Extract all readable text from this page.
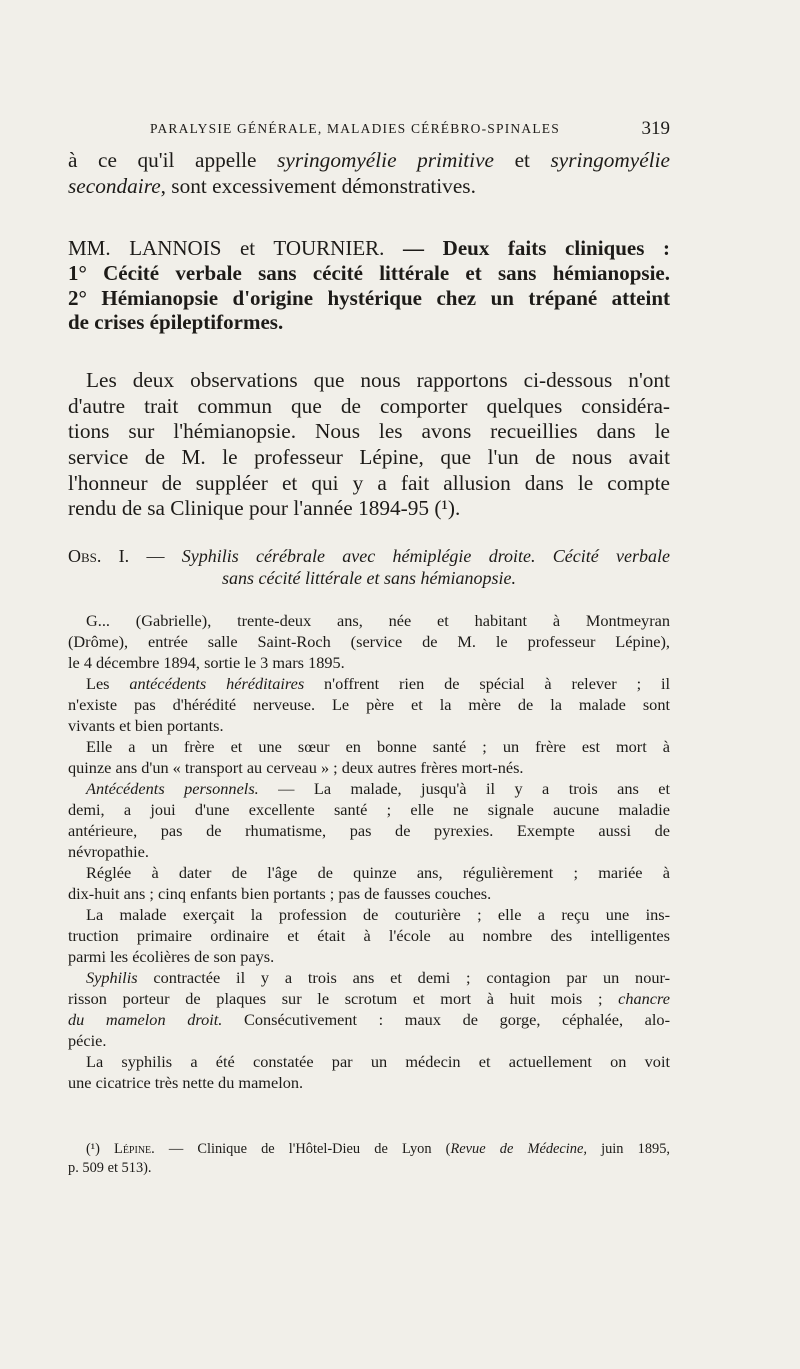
PARALYSIE GÉNÉRALE, MALADIES CÉRÉBRO-SPINALES	319
à ce qu'il appelle syringomyélie primitive et syringomyélie
secondaire, sont excessivement démonstratives.
MM. LANNOIS et TOURNIER. — Deux faits cliniques :
1° Cécité verbale sans cécité littérale et sans hémianopsie.
2° Hémianopsie d'origine hystérique chez un trépané atteint
de crises épileptiformes.
Les deux observations que nous rapportons ci-dessous n'ont
d'autre trait commun que de comporter quelques considéra-
tions sur l'hémianopsie. Nous les avons recueillies dans le
service de M. le professeur Lépine, que l'un de nous avait
l'honneur de suppléer et qui y a fait allusion dans le compte
rendu de sa Clinique pour l'année 1894-95 (¹).
Obs. I. — Syphilis cérébrale avec hémiplégie droite. Cécité verbale
sans cécité littérale et sans hémianopsie.
G... (Gabrielle), trente-deux ans, née et habitant à Montmeyran
(Drôme), entrée salle Saint-Roch (service de M. le professeur Lépine),
le 4 décembre 1894, sortie le 3 mars 1895.
Les antécédents héréditaires n'offrent rien de spécial à relever ; il
n'existe pas d'hérédité nerveuse. Le père et la mère de la malade sont
vivants et bien portants.
Elle a un frère et une sœur en bonne santé ; un frère est mort à
quinze ans d'un « transport au cerveau » ; deux autres frères mort-nés.
Antécédents personnels. — La malade, jusqu'à il y a trois ans et
demi, a joui d'une excellente santé ; elle ne signale aucune maladie
antérieure, pas de rhumatisme, pas de pyrexies. Exempte aussi de
névropathie.
Réglée à dater de l'âge de quinze ans, régulièrement ; mariée à
dix-huit ans ; cinq enfants bien portants ; pas de fausses couches.
La malade exerçait la profession de couturière ; elle a reçu une ins-
truction primaire ordinaire et était à l'école au nombre des intelligentes
parmi les écolières de son pays.
Syphilis contractée il y a trois ans et demi ; contagion par un nour-
risson porteur de plaques sur le scrotum et mort à huit mois ; chancre
du mamelon droit. Consécutivement : maux de gorge, céphalée, alo-
pécie.
La syphilis a été constatée par un médecin et actuellement on voit
une cicatrice très nette du mamelon.
(¹) Lépine. — Clinique de l'Hôtel-Dieu de Lyon (Revue de Médecine, juin 1895,
p. 509 et 513).
